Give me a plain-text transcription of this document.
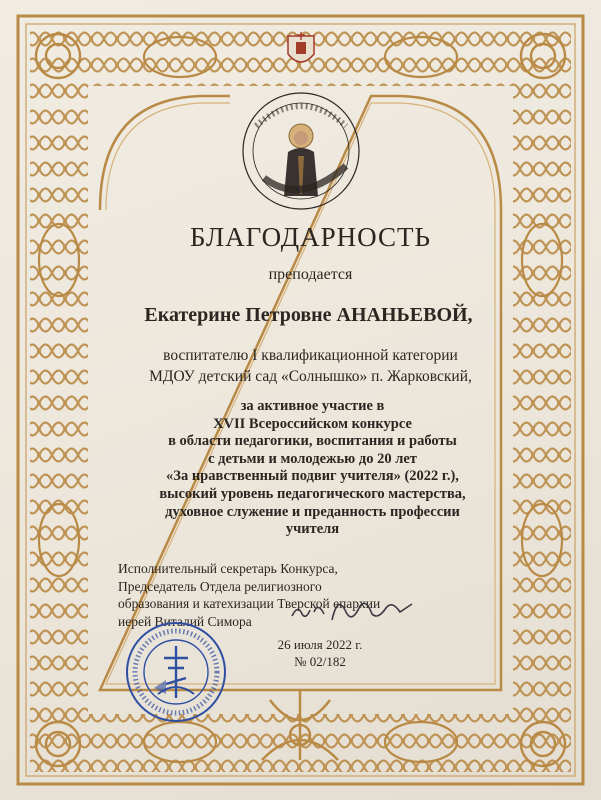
БЛАГОДАРНОСТЬ
преподается
Екатерине Петровне АНАНЬЕВОЙ,
воспитателю I квалификационной категории
МДОУ детский сад «Солнышко» п. Жарковский,
за активное участие в
XVII Всероссийском конкурсе
в области педагогики, воспитания и работы
с детьми и молодежью до 20 лет
«За нравственный подвиг учителя» (2022 г.),
высокий уровень педагогического мастерства,
духовное служение и преданность профессии
учителя
Исполнительный секретарь Конкурса,
Председатель Отдела религиозного
образования и катехизации Тверской епархии
иерей Виталий Симора
26 июля 2022 г.
№ 02/182
